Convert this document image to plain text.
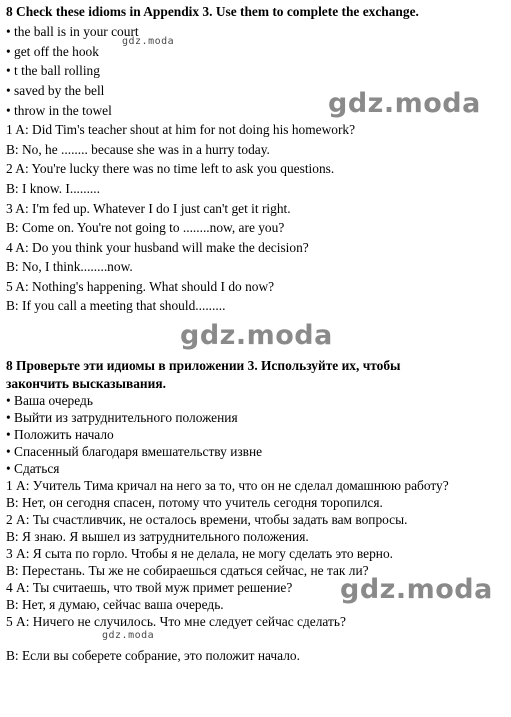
8 Check these idioms in Appendix 3. Use them to complete the exchange.
• the ball is in your court
• get off the hook
• t the ball rolling
• saved by the bell
• throw in the towel
1 A: Did Tim's teacher shout at him for not doing his homework?
B: No, he ........ because she was in a hurry today.
2 A: You're lucky there was no time left to ask you questions.
B: I know. I.........
3 A: I'm fed up. Whatever I do I just can't get it right.
B: Come on. You're not going to ........now, are you?
4 A: Do you think your husband will make the decision?
B: No, I think........now.
5 A: Nothing's happening. What should I do now?
B: If you call a meeting that should.........
8 Проверьте эти идиомы в приложении 3. Используйте их, чтобы
закончить высказывания.
• Ваша очередь
• Выйти из затруднительного положения
• Положить начало
• Спасенный благодаря вмешательству извне
• Сдаться
1 А: Учитель Тима кричал на него за то, что он не сделал домашнюю работу?
В: Нет, он сегодня спасен, потому что учитель сегодня торопился.
2 А: Ты счастливчик, не осталось времени, чтобы задать вам вопросы.
В: Я знаю. Я вышел из затруднительного положения.
3 А: Я сыта по горло. Чтобы я не делала, не могу сделать это верно.
В: Перестань. Ты же не собираешься сдаться сейчас, не так ли?
4 А: Ты считаешь, что твой муж примет решение?
В: Нет, я думаю, сейчас ваша очередь.
5 А: Ничего не случилось. Что мне следует сейчас сделать?
В: Если вы соберете собрание, это положит начало.
gdz.moda
gdz.moda
gdz.moda
gdz.moda
gdz.moda
